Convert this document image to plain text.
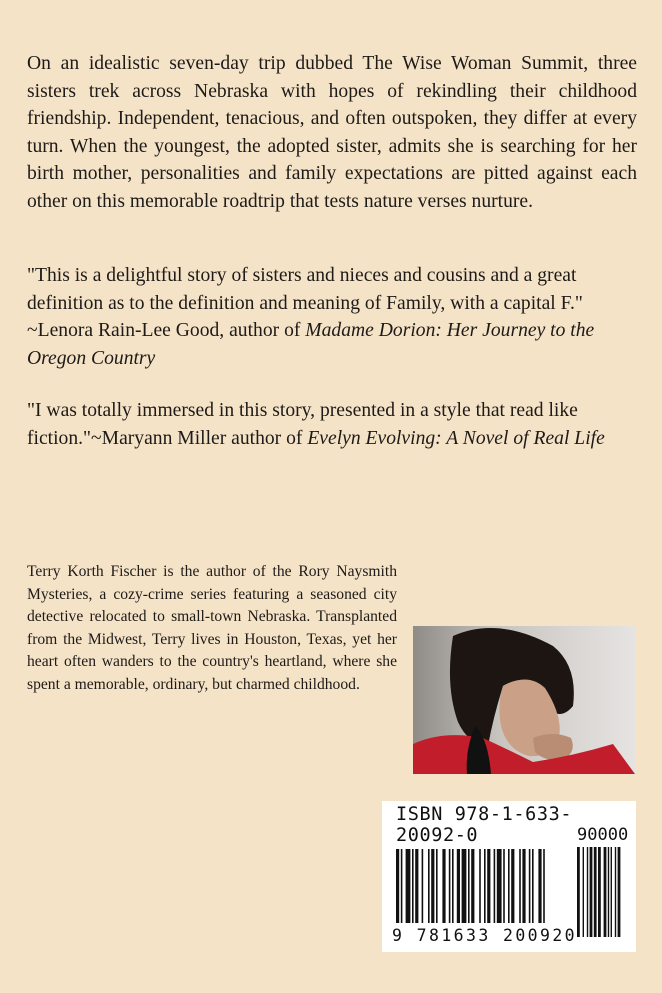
On an idealistic seven-day trip dubbed The Wise Woman Summit, three sisters trek across Nebraska with hopes of rekindling their childhood friendship. Independent, tenacious, and often outspoken, they differ at every turn. When the youngest, the adopted sister, admits she is searching for her birth mother, personalities and family expectations are pitted against each other on this memorable roadtrip that tests nature verses nurture.

"This is a delightful story of sisters and nieces and cousins and a great definition as to the definition and meaning of Family, with a capital F." ~Lenora Rain-Lee Good, author of Madame Dorion: Her Journey to the Oregon Country

"I was totally immersed in this story, presented in a style that read like fiction."~Maryann Miller author of Evelyn Evolving: A Novel of Real Life

Terry Korth Fischer is the author of the Rory Naysmith Mysteries, a cozy-crime series featuring a seasoned city detective relocated to small-town Nebraska. Transplanted from the Midwest, Terry lives in Houston, Texas, yet her heart often wanders to the country's heartland, where she spent a memorable, ordinary, but charmed childhood.

ISBN 978-1-633-20092-0	90000
9 781633 200920
